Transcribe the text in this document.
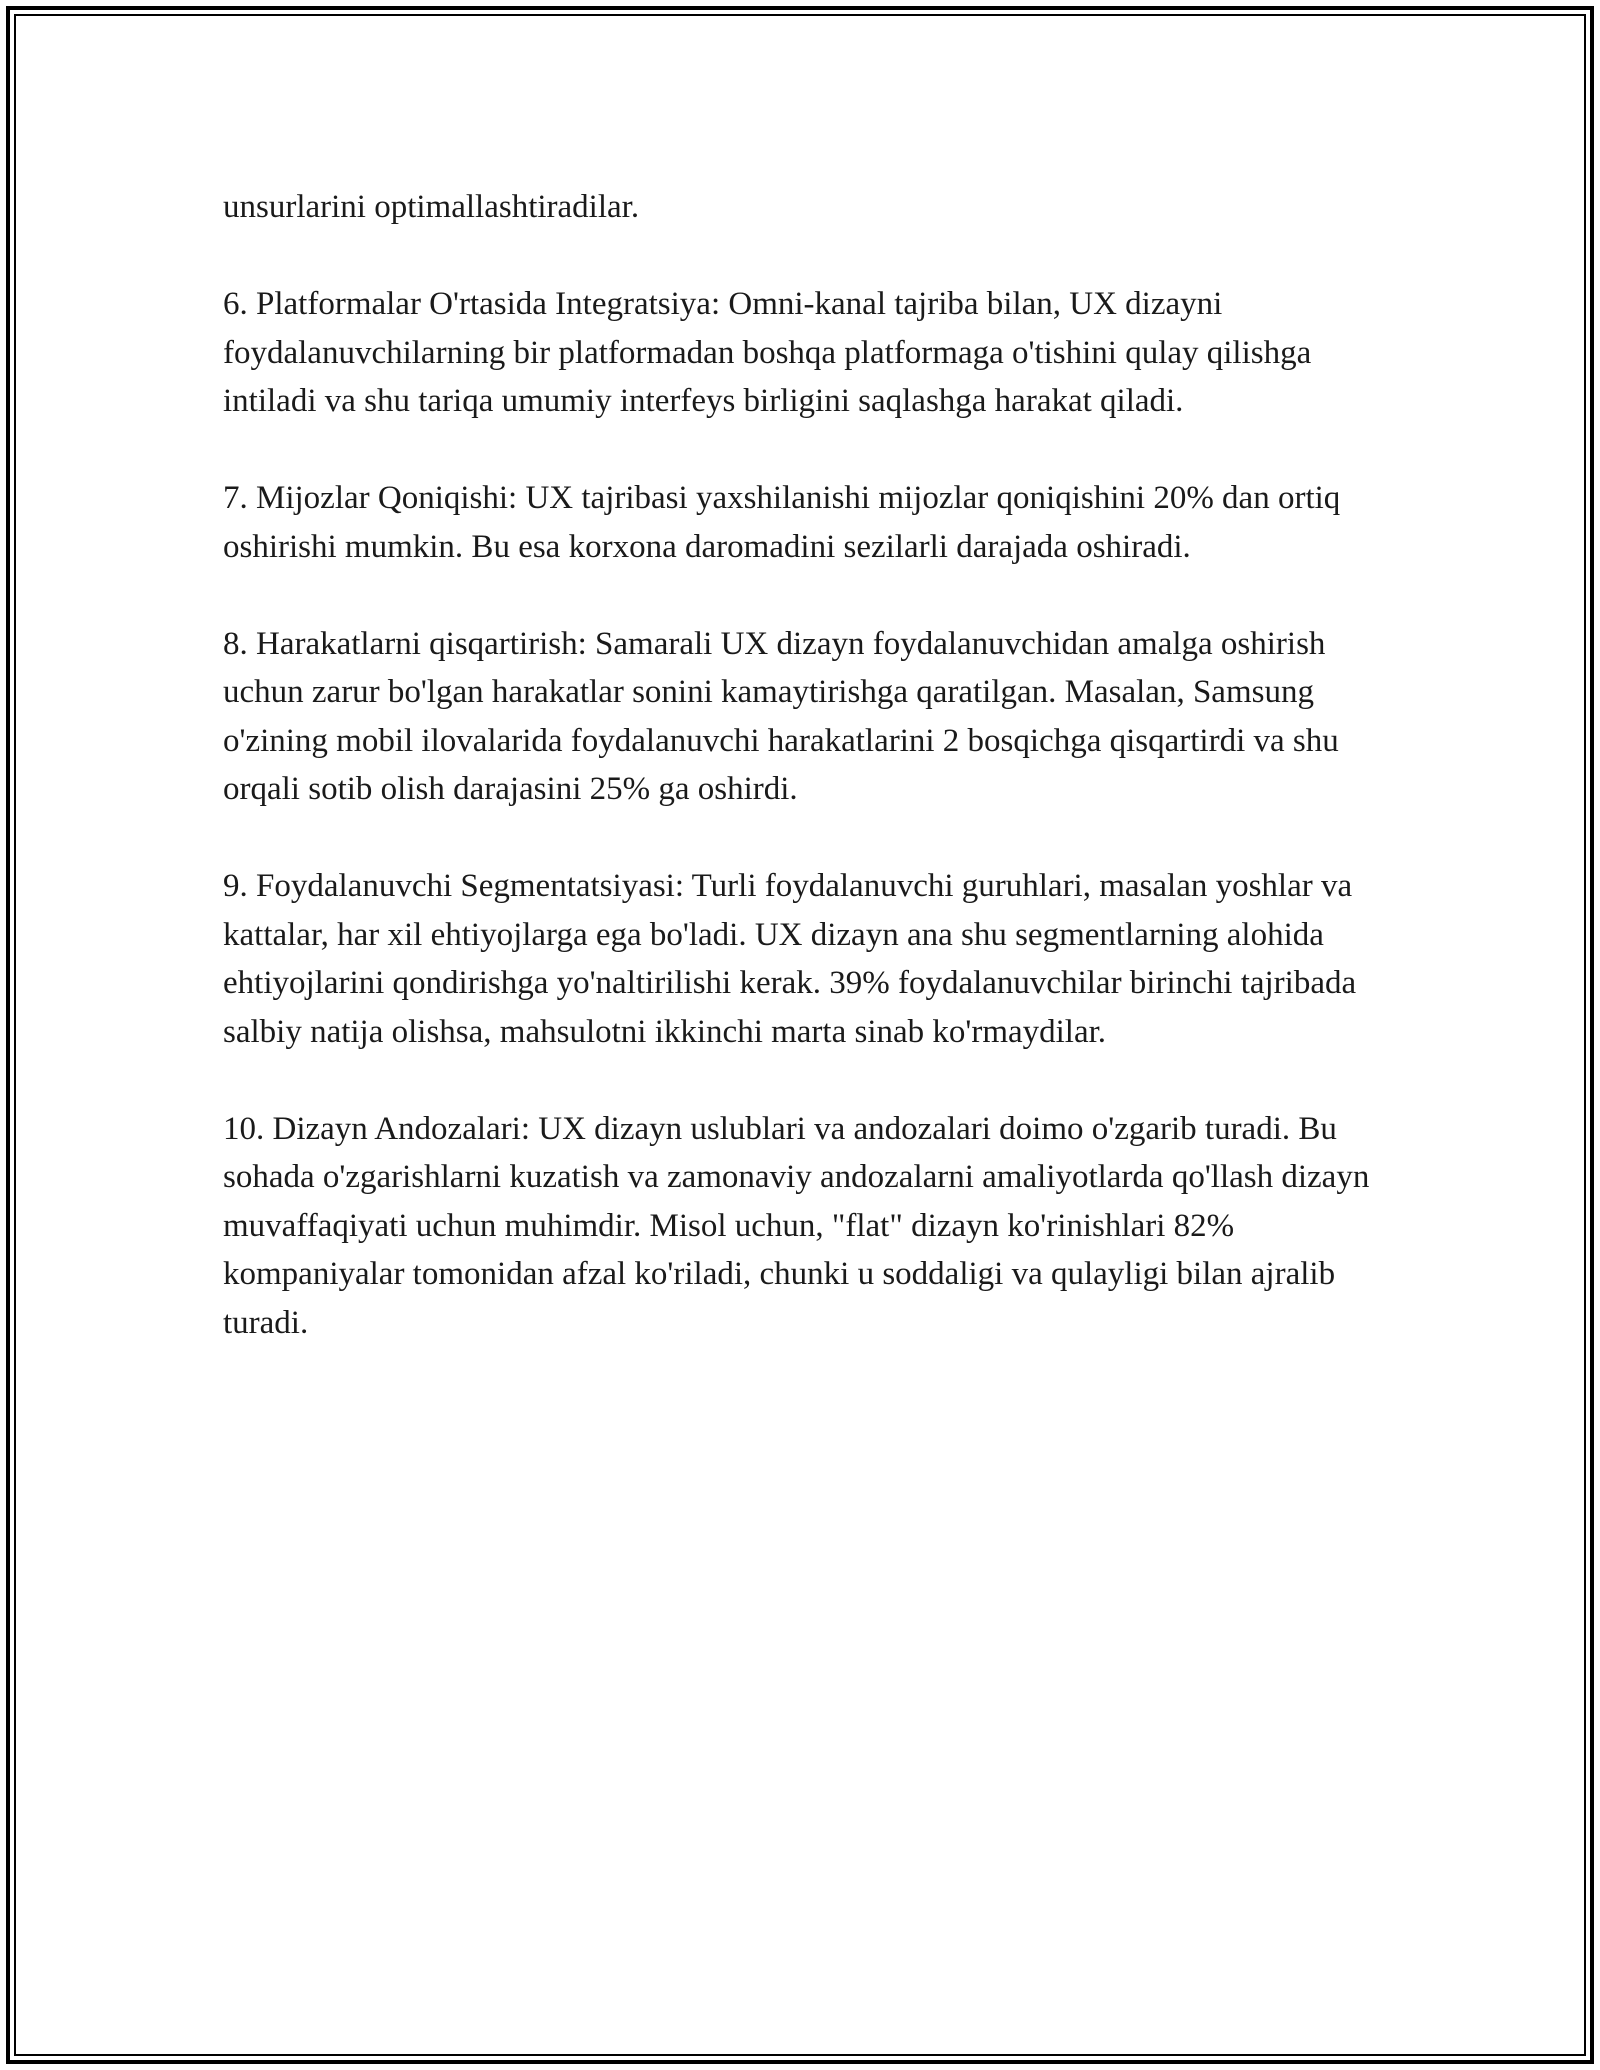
unsurlarini optimallashtiradilar.

6. Platformalar O'rtasida Integratsiya: Omni-kanal tajriba bilan, UX dizayni foydalanuvchilarning bir platformadan boshqa platformaga o'tishini qulay qilishga intiladi va shu tariqa umumiy interfeys birligini saqlashga harakat qiladi.

7. Mijozlar Qoniqishi: UX tajribasi yaxshilanishi mijozlar qoniqishini 20% dan ortiq oshirishi mumkin. Bu esa korxona daromadini sezilarli darajada oshiradi.

8. Harakatlarni qisqartirish: Samarali UX dizayn foydalanuvchidan amalga oshirish uchun zarur bo'lgan harakatlar sonini kamaytirishga qaratilgan. Masalan, Samsung o'zining mobil ilovalarida foydalanuvchi harakatlarini 2 bosqichga qisqartirdi va shu orqali sotib olish darajasini 25% ga oshirdi.

9. Foydalanuvchi Segmentatsiyasi: Turli foydalanuvchi guruhlari, masalan yoshlar va kattalar, har xil ehtiyojlarga ega bo'ladi. UX dizayn ana shu segmentlarning alohida ehtiyojlarini qondirishga yo'naltirilishi kerak. 39% foydalanuvchilar birinchi tajribada salbiy natija olishsa, mahsulotni ikkinchi marta sinab ko'rmaydilar.

10. Dizayn Andozalari: UX dizayn uslublari va andozalari doimo o'zgarib turadi. Bu sohada o'zgarishlarni kuzatish va zamonaviy andozalarni amaliyotlarda qo'llash dizayn muvaffaqiyati uchun muhimdir. Misol uchun, "flat" dizayn ko'rinishlari 82% kompaniyalar tomonidan afzal ko'riladi, chunki u soddaligi va qulayligi bilan ajralib turadi.
